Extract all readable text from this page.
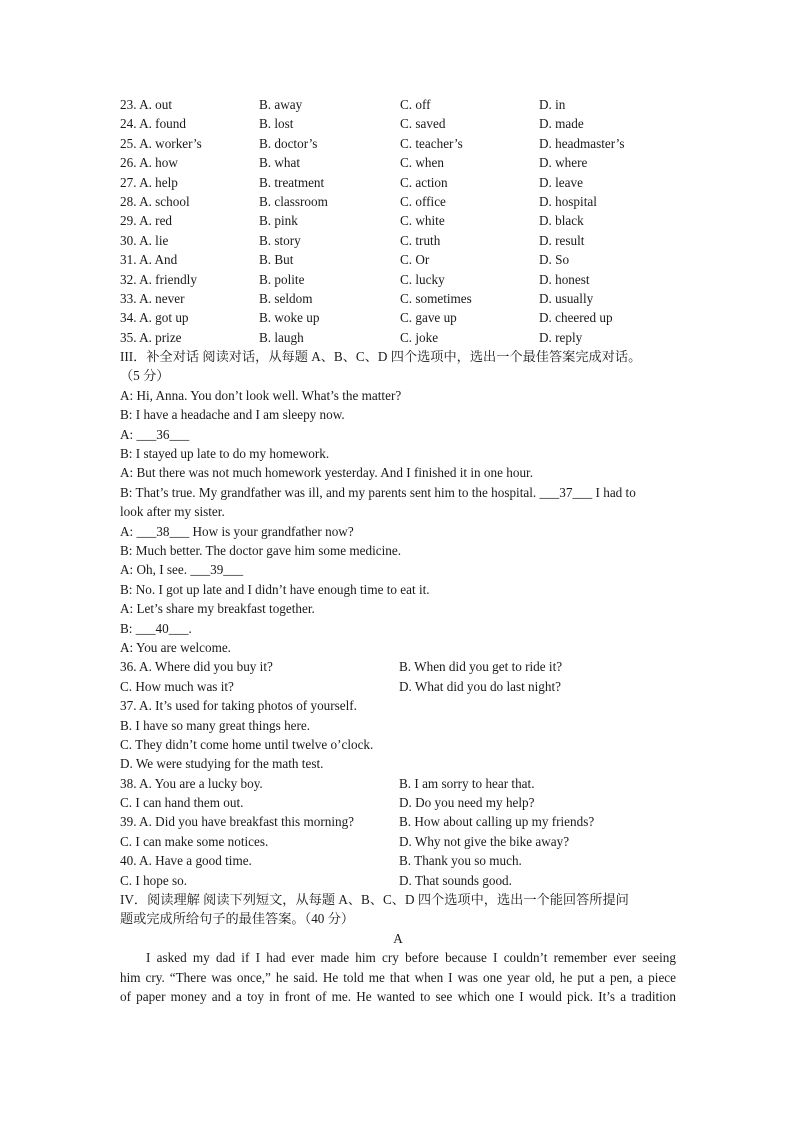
23. A. out	B. away	C. off	D. in
24. A. found	B. lost	C. saved	D. made
25. A. worker’s	B. doctor’s	C. teacher’s	D. headmaster’s
26. A. how	B. what	C. when	D. where
27. A. help	B. treatment	C. action	D. leave
28. A. school	B. classroom	C. office	D. hospital
29. A. red	B. pink	C. white	D. black
30. A. lie	B. story	C. truth	D. result
31. A. And	B. But	C. Or	D. So
32. A. friendly	B. polite	C. lucky	D. honest
33. A. never	B. seldom	C. sometimes	D. usually
34. A. got up	B. woke up	C. gave up	D. cheered up
35. A. prize	B. laugh	C. joke	D. reply
III．补全对话 阅读对话，从每题 A、B、C、D 四个选项中，选出一个最佳答案完成对话。
（5 分）
A: Hi, Anna. You don’t look well. What’s the matter?
B: I have a headache and I am sleepy now.
A: ___36___
B: I stayed up late to do my homework.
A: But there was not much homework yesterday. And I finished it in one hour.
B: That’s true. My grandfather was ill, and my parents sent him to the hospital. ___37___ I had to
look after my sister.
A: ___38___ How is your grandfather now?
B: Much better. The doctor gave him some medicine.
A: Oh, I see. ___39___
B: No. I got up late and I didn’t have enough time to eat it.
A: Let’s share my breakfast together.
B: ___40___.
A: You are welcome.
36. A. Where did you buy it?	B. When did you get to ride it?
C. How much was it?	D. What did you do last night?
37. A. It’s used for taking photos of yourself.
B. I have so many great things here.
C. They didn’t come home until twelve o’clock.
D. We were studying for the math test.
38. A. You are a lucky boy.	B. I am sorry to hear that.
C. I can hand them out.	D. Do you need my help?
39. A. Did you have breakfast this morning?	B. How about calling up my friends?
C. I can make some notices.	D. Why not give the bike away?
40. A. Have a good time.	B. Thank you so much.
C. I hope so.	D. That sounds good.
IV．阅读理解 阅读下列短文，从每题 A、B、C、D 四个选项中，选出一个能回答所提问
题或完成所给句子的最佳答案。（40 分）
A
I asked my dad if I had ever made him cry before because I couldn’t remember ever seeing
him cry. “There was once,” he said. He told me that when I was one year old, he put a pen, a piece
of paper money and a toy in front of me. He wanted to see which one I would pick. It’s a tradition
